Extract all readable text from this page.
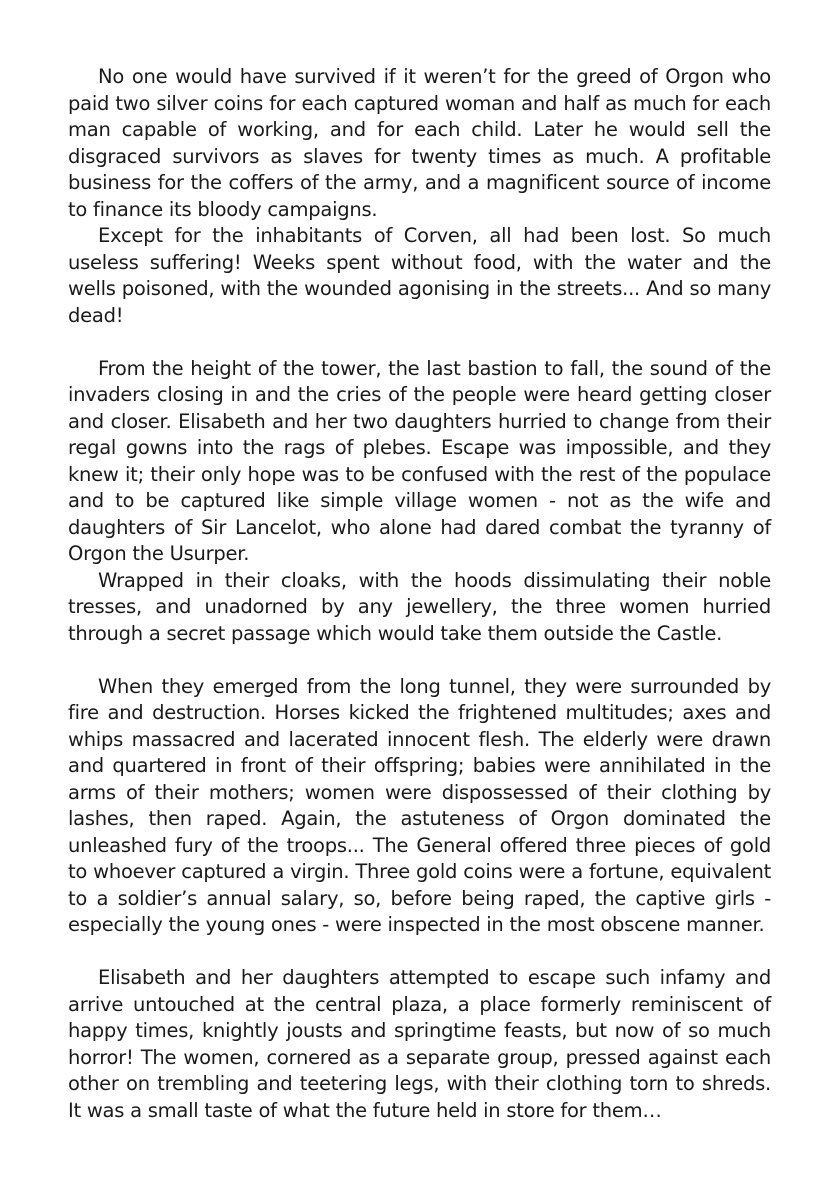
No one would have survived if it weren’t for the greed of Orgon who paid two silver coins for each captured woman and half as much for each man capable of working, and for each child. Later he would sell the disgraced survivors as slaves for twenty times as much. A profitable business for the coffers of the army, and a magnificent source of income to finance its bloody campaigns.

Except for the inhabitants of Corven, all had been lost. So much useless suffering! Weeks spent without food, with the water and the wells poisoned, with the wounded agonising in the streets... And so many dead!

From the height of the tower, the last bastion to fall, the sound of the invaders closing in and the cries of the people were heard getting closer and closer. Elisabeth and her two daughters hurried to change from their regal gowns into the rags of plebes. Escape was impossible, and they knew it; their only hope was to be confused with the rest of the populace and to be captured like simple village women - not as the wife and daughters of Sir Lancelot, who alone had dared combat the tyranny of Orgon the Usurper.

Wrapped in their cloaks, with the hoods dissimulating their noble tresses, and unadorned by any jewellery, the three women hurried through a secret passage which would take them outside the Castle.

When they emerged from the long tunnel, they were surrounded by fire and destruction. Horses kicked the frightened multitudes; axes and whips massacred and lacerated innocent flesh. The elderly were drawn and quartered in front of their offspring; babies were annihilated in the arms of their mothers; women were dispossessed of their clothing by lashes, then raped. Again, the astuteness of Orgon dominated the unleashed fury of the troops... The General offered three pieces of gold to whoever captured a virgin. Three gold coins were a fortune, equivalent to a soldier’s annual salary, so, before being raped, the captive girls - especially the young ones - were inspected in the most obscene manner.

Elisabeth and her daughters attempted to escape such infamy and arrive untouched at the central plaza, a place formerly reminiscent of happy times, knightly jousts and springtime feasts, but now of so much horror! The women, cornered as a separate group, pressed against each other on trembling and teetering legs, with their clothing torn to shreds. It was a small taste of what the future held in store for them…
